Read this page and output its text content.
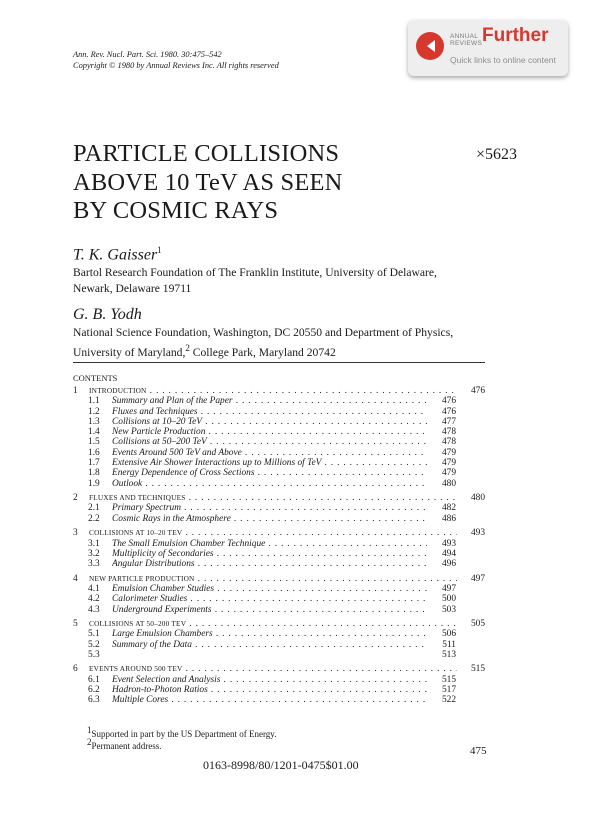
Ann. Rev. Nucl. Part. Sci. 1980. 30:475–542
Copyright © 1980 by Annual Reviews Inc. All rights reserved
ANNUAL
REVIEWS Further
Quick links to online content
PARTICLE COLLISIONS
ABOVE 10 TeV AS SEEN
BY COSMIC RAYS
×5623
T. K. Gaisser$^1$
Bartol Research Foundation of The Franklin Institute, University of Delaware,
Newark, Delaware 19711
G. B. Yodh
National Science Foundation, Washington, DC 20550 and Department of Physics,
University of Maryland,$^2$ College Park, Maryland 20742
CONTENTS
1 INTRODUCTION . . .	476
1.1 Summary and Plan of the Paper . . .	476
1.2 Fluxes and Techniques . . .	476
1.3 Collisions at 10–20 TeV . . .	477
1.4 New Particle Production . . .	478
1.5 Collisions at 50–200 TeV . . .	478
1.6 Events Around 500 TeV and Above . . .	479
1.7 Extensive Air Shower Interactions up to Millions of TeV . . .	479
1.8 Energy Dependence of Cross Sections . . .	479
1.9 Outlook . . .	480
2 FLUXES AND TECHNIQUES . . .	480
2.1 Primary Spectrum . . .	482
2.2 Cosmic Rays in the Atmosphere . . .	486
3 COLLISIONS AT 10–20 TEV . . .	493
3.1 The Small Emulsion Chamber Technique . . .	493
3.2 Multiplicity of Secondaries . . .	494
3.3 Angular Distributions . . .	496
4 NEW PARTICLE PRODUCTION . . .	497
4.1 Emulsion Chamber Studies . . .	497
4.2 Calorimeter Studies . . .	500
4.3 Underground Experiments . . .	503
5 COLLISIONS AT 50–200 TEV . . .	505
5.1 Large Emulsion Chambers . . .	506
5.2 Summary of the Data . . .	511
5.3	513
6 EVENTS AROUND 500 TEV . . .	515
6.1 Event Selection and Analysis . . .	515
6.2 Hadron-to-Photon Ratios . . .	517
6.3 Multiple Cores . . .	522
1Supported in part by the US Department of Energy.
2Permanent address.	475
0163-8998/80/1201-0475$01.00
